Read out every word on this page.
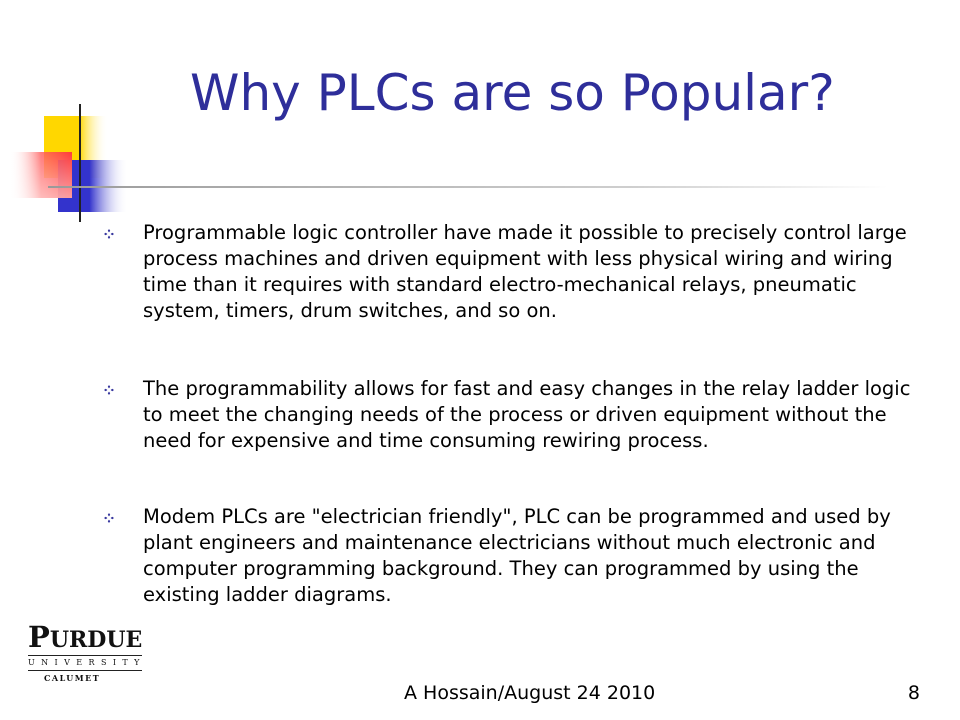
Why PLCs are so Popular?
Programmable logic controller have made it possible to precisely control large process machines and driven equipment with less physical wiring and wiring time than it requires with standard electro-mechanical relays, pneumatic system, timers, drum switches, and so on.
The programmability allows for fast and easy changes in the relay ladder logic to meet the changing needs of the process or driven equipment without the need for expensive and time consuming rewiring process.
Modem PLCs are "electrician friendly", PLC can be programmed and used by plant engineers and maintenance electricians without much electronic and computer programming background. They can programmed by using the existing ladder diagrams.
PURDUE
UNIVERSITY
CALUMET
A Hossain/August 24 2010	8
